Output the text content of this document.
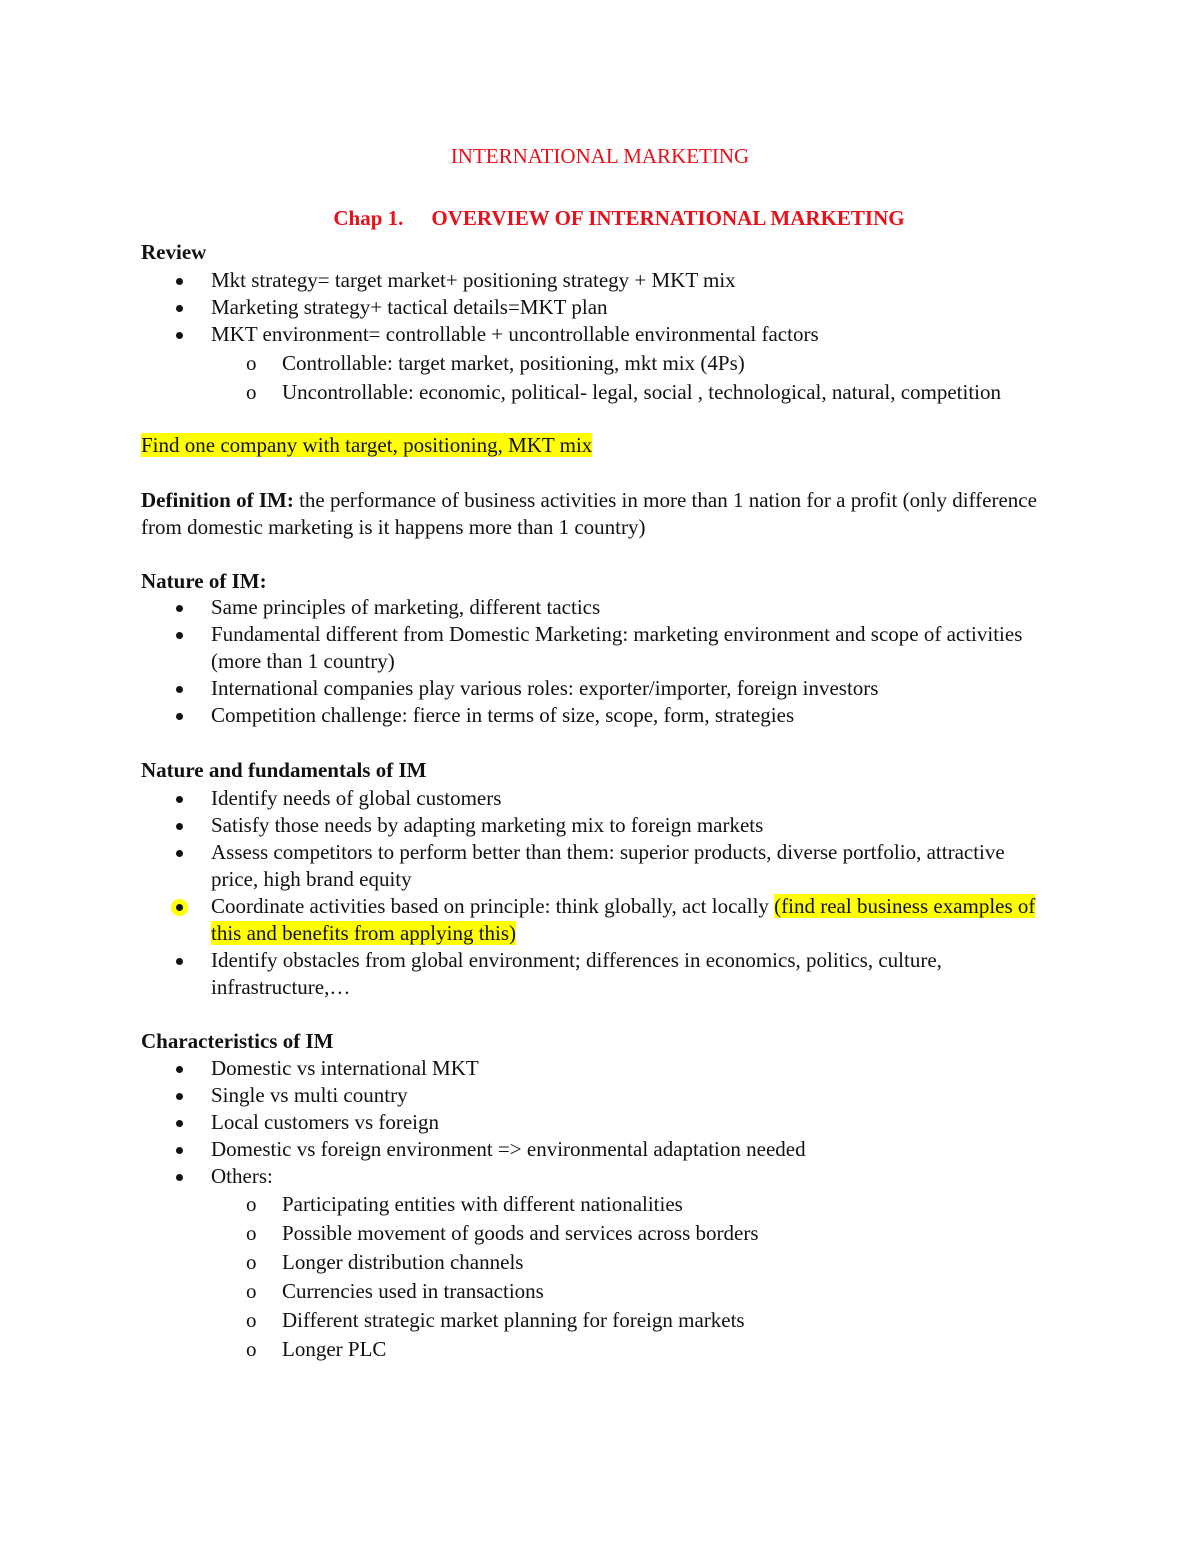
INTERNATIONAL MARKETING
Chap 1. OVERVIEW OF INTERNATIONAL MARKETING
Review
Mkt strategy= target market+ positioning strategy + MKT mix
Marketing strategy+ tactical details=MKT plan
MKT environment= controllable + uncontrollable environmental factors
o Controllable: target market, positioning, mkt mix (4Ps)
o Uncontrollable: economic, political- legal, social , technological, natural, competition
Find one company with target, positioning, MKT mix
Definition of IM: the performance of business activities in more than 1 nation for a profit (only difference from domestic marketing is it happens more than 1 country)
Nature of IM:
Same principles of marketing, different tactics
Fundamental different from Domestic Marketing: marketing environment and scope of activities (more than 1 country)
International companies play various roles: exporter/importer, foreign investors
Competition challenge: fierce in terms of size, scope, form, strategies
Nature and fundamentals of IM
Identify needs of global customers
Satisfy those needs by adapting marketing mix to foreign markets
Assess competitors to perform better than them: superior products, diverse portfolio, attractive price, high brand equity
Coordinate activities based on principle: think globally, act locally (find real business examples of this and benefits from applying this)
Identify obstacles from global environment; differences in economics, politics, culture, infrastructure,…
Characteristics of IM
Domestic vs international MKT
Single vs multi country
Local customers vs foreign
Domestic vs foreign environment => environmental adaptation needed
Others:
o Participating entities with different nationalities
o Possible movement of goods and services across borders
o Longer distribution channels
o Currencies used in transactions
o Different strategic market planning for foreign markets
o Longer PLC
